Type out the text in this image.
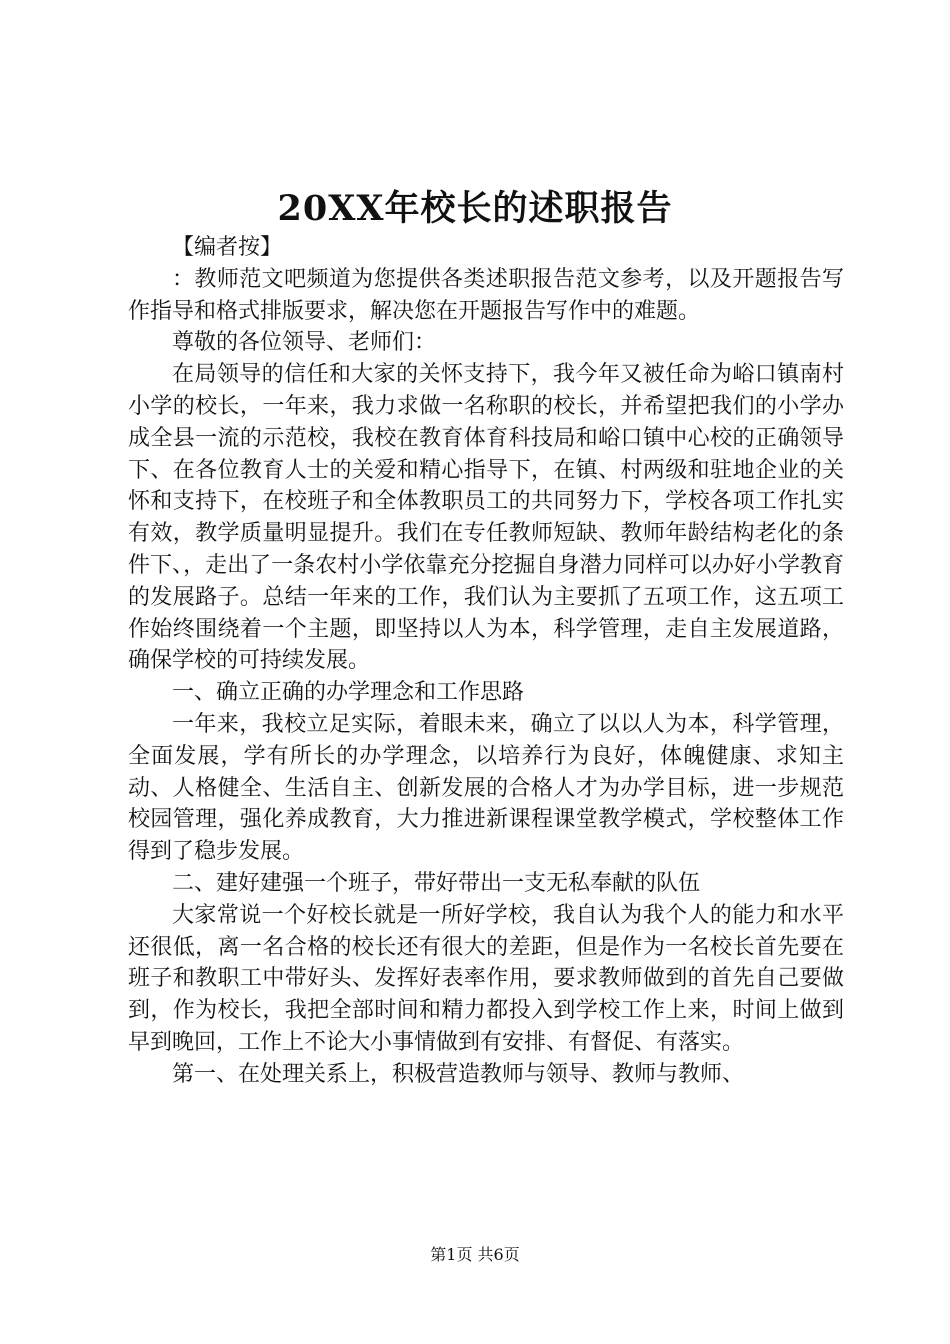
20XX年校长的述职报告

【编者按】

：教师范文吧频道为您提供各类述职报告范文参考，以及开题报告写作指导和格式排版要求，解决您在开题报告写作中的难题。

尊敬的各位领导、老师们：

在局领导的信任和大家的关怀支持下，我今年又被任命为峪口镇南村小学的校长，一年来，我力求做一名称职的校长，并希望把我们的小学办成全县一流的示范校，我校在教育体育科技局和峪口镇中心校的正确领导下、在各位教育人士的关爱和精心指导下，在镇、村两级和驻地企业的关怀和支持下，在校班子和全体教职员工的共同努力下，学校各项工作扎实有效，教学质量明显提升。我们在专任教师短缺、教师年龄结构老化的条件下、，走出了一条农村小学依靠充分挖掘自身潜力同样可以办好小学教育的发展路子。总结一年来的工作，我们认为主要抓了五项工作，这五项工作始终围绕着一个主题，即坚持以人为本，科学管理，走自主发展道路，确保学校的可持续发展。

一、确立正确的办学理念和工作思路

一年来，我校立足实际，着眼未来，确立了以以人为本，科学管理，全面发展，学有所长的办学理念，以培养行为良好，体魄健康、求知主动、人格健全、生活自主、创新发展的合格人才为办学目标，进一步规范校园管理，强化养成教育，大力推进新课程课堂教学模式，学校整体工作得到了稳步发展。

二、建好建强一个班子，带好带出一支无私奉献的队伍

大家常说一个好校长就是一所好学校，我自认为我个人的能力和水平还很低，离一名合格的校长还有很大的差距，但是作为一名校长首先要在班子和教职工中带好头、发挥好表率作用，要求教师做到的首先自己要做到，作为校长，我把全部时间和精力都投入到学校工作上来，时间上做到早到晚回，工作上不论大小事情做到有安排、有督促、有落实。

第一、在处理关系上，积极营造教师与领导、教师与教师、

第1页 共6页
